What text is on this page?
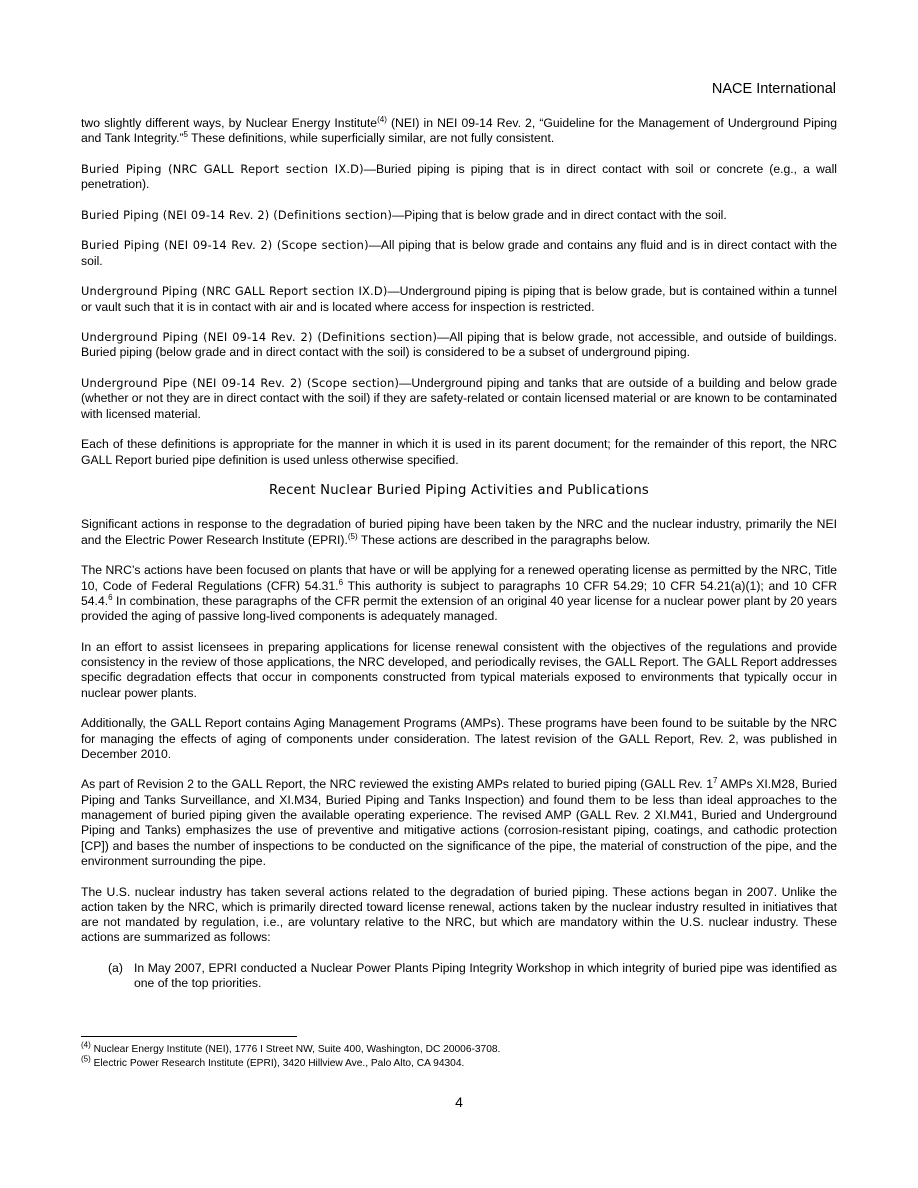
NACE International

two slightly different ways, by Nuclear Energy Institute$^{(4)}$ (NEI) in NEI 09-14 Rev. 2, “Guideline for the Management of Underground Piping and Tank Integrity.”$^5$ These definitions, while superficially similar, are not fully consistent.

Buried Piping (NRC GALL Report section IX.D)—Buried piping is piping that is in direct contact with soil or concrete (e.g., a wall penetration).

Buried Piping (NEI 09-14 Rev. 2) (Definitions section)—Piping that is below grade and in direct contact with the soil.

Buried Piping (NEI 09-14 Rev. 2) (Scope section)—All piping that is below grade and contains any fluid and is in direct contact with the soil.

Underground Piping (NRC GALL Report section IX.D)—Underground piping is piping that is below grade, but is contained within a tunnel or vault such that it is in contact with air and is located where access for inspection is restricted.

Underground Piping (NEI 09-14 Rev. 2) (Definitions section)—All piping that is below grade, not accessible, and outside of buildings. Buried piping (below grade and in direct contact with the soil) is considered to be a subset of underground piping.

Underground Pipe (NEI 09-14 Rev. 2) (Scope section)—Underground piping and tanks that are outside of a building and below grade (whether or not they are in direct contact with the soil) if they are safety-related or contain licensed material or are known to be contaminated with licensed material.

Each of these definitions is appropriate for the manner in which it is used in its parent document; for the remainder of this report, the NRC GALL Report buried pipe definition is used unless otherwise specified.

Recent Nuclear Buried Piping Activities and Publications

Significant actions in response to the degradation of buried piping have been taken by the NRC and the nuclear industry, primarily the NEI and the Electric Power Research Institute (EPRI).$^{(5)}$ These actions are described in the paragraphs below.

The NRC’s actions have been focused on plants that have or will be applying for a renewed operating license as permitted by the NRC, Title 10, Code of Federal Regulations (CFR) 54.31.$^6$ This authority is subject to paragraphs 10 CFR 54.29; 10 CFR 54.21(a)(1); and 10 CFR 54.4.$^6$ In combination, these paragraphs of the CFR permit the extension of an original 40 year license for a nuclear power plant by 20 years provided the aging of passive long-lived components is adequately managed.

In an effort to assist licensees in preparing applications for license renewal consistent with the objectives of the regulations and provide consistency in the review of those applications, the NRC developed, and periodically revises, the GALL Report. The GALL Report addresses specific degradation effects that occur in components constructed from typical materials exposed to environments that typically occur in nuclear power plants.

Additionally, the GALL Report contains Aging Management Programs (AMPs). These programs have been found to be suitable by the NRC for managing the effects of aging of components under consideration. The latest revision of the GALL Report, Rev. 2, was published in December 2010.

As part of Revision 2 to the GALL Report, the NRC reviewed the existing AMPs related to buried piping (GALL Rev. $1^7$ AMPs XI.M28, Buried Piping and Tanks Surveillance, and XI.M34, Buried Piping and Tanks Inspection) and found them to be less than ideal approaches to the management of buried piping given the available operating experience. The revised AMP (GALL Rev. 2 XI.M41, Buried and Underground Piping and Tanks) emphasizes the use of preventive and mitigative actions (corrosion-resistant piping, coatings, and cathodic protection [CP]) and bases the number of inspections to be conducted on the significance of the pipe, the material of construction of the pipe, and the environment surrounding the pipe.

The U.S. nuclear industry has taken several actions related to the degradation of buried piping. These actions began in 2007. Unlike the action taken by the NRC, which is primarily directed toward license renewal, actions taken by the nuclear industry resulted in initiatives that are not mandated by regulation, i.e., are voluntary relative to the NRC, but which are mandatory within the U.S. nuclear industry. These actions are summarized as follows:

(a) In May 2007, EPRI conducted a Nuclear Power Plants Piping Integrity Workshop in which integrity of buried pipe was identified as one of the top priorities.
$^{(4)}$ Nuclear Energy Institute (NEI), 1776 I Street NW, Suite 400, Washington, DC 20006-3708.
$^{(5)}$ Electric Power Research Institute (EPRI), 3420 Hillview Ave., Palo Alto, CA 94304.
4
